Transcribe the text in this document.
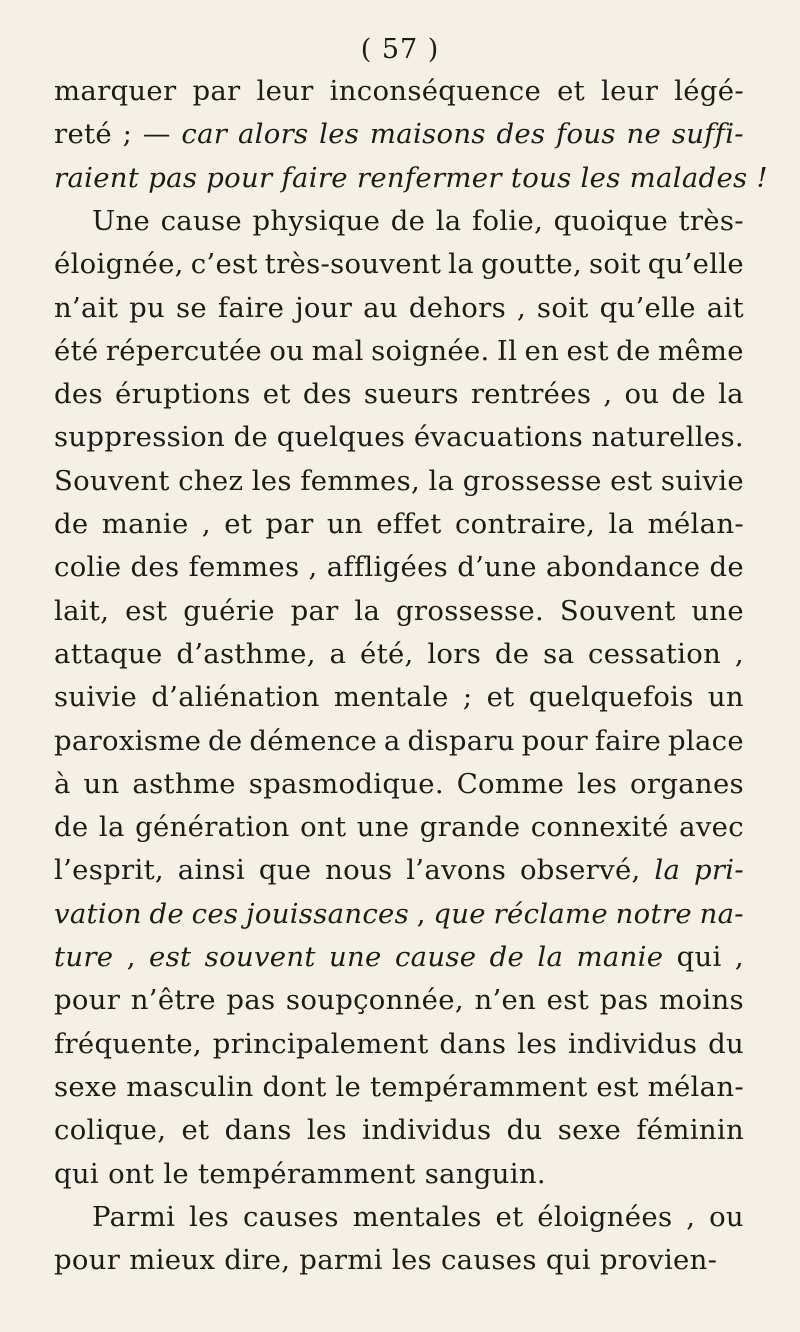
( 57 )
marquer par leur inconséquence et leur légé-
reté ; — car alors les maisons des fous ne suffi-
raient pas pour faire renfermer tous les malades !
Une cause physique de la folie, quoique très-
éloignée, c’est très-souvent la goutte, soit qu’elle
n’ait pu se faire jour au dehors , soit qu’elle ait
été répercutée ou mal soignée. Il en est de même
des éruptions et des sueurs rentrées , ou de la
suppression de quelques évacuations naturelles.
Souvent chez les femmes, la grossesse est suivie
de manie , et par un effet contraire, la mélan-
colie des femmes , affligées d’une abondance de
lait, est guérie par la grossesse. Souvent une
attaque d’asthme, a été, lors de sa cessation ,
suivie d’aliénation mentale ; et quelquefois un
paroxisme de démence a disparu pour faire place
à un asthme spasmodique. Comme les organes
de la génération ont une grande connexité avec
l’esprit, ainsi que nous l’avons observé, la pri-
vation de ces jouissances , que réclame notre na-
ture , est souvent une cause de la manie qui ,
pour n’être pas soupçonnée, n’en est pas moins
fréquente, principalement dans les individus du
sexe masculin dont le tempéramment est mélan-
colique, et dans les individus du sexe féminin
qui ont le tempéramment sanguin.
Parmi les causes mentales et éloignées , ou
pour mieux dire, parmi les causes qui provien-
